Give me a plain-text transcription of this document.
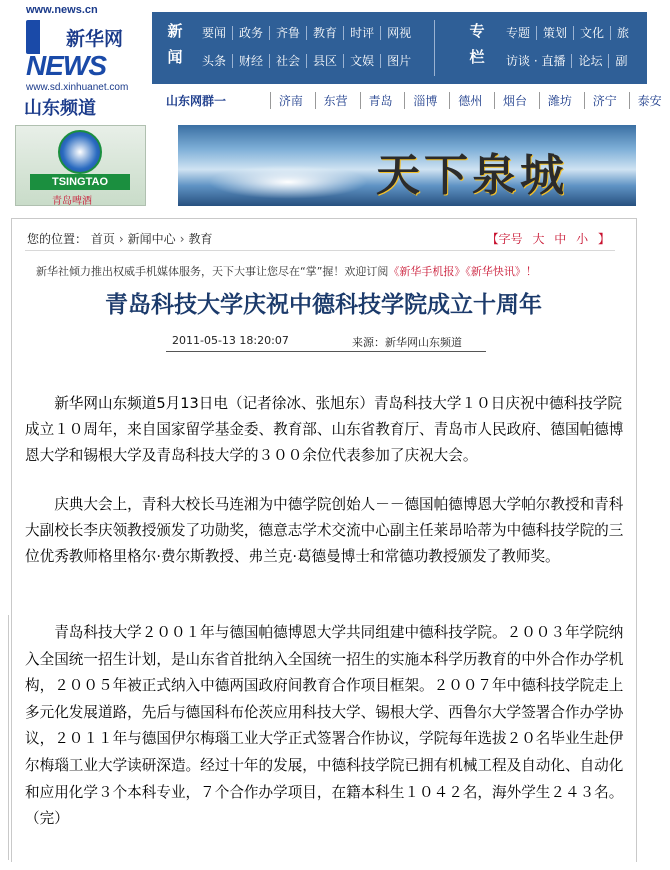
www.news.cn
新华网
NEWS
www.sd.xinhuanet.com
山东频道
新闻
要闻	政务	齐鲁	教育	时评	网视
头条	财经	社会	县区	文娱	图片
专栏
专题	策划	文化	旅
访谈 · 直播	论坛	副
山东网群一	济南 东营 青岛 淄博 德州 烟台 潍坊 济宁 泰安
TSINGTAO
青岛啤酒
天下泉城
您的位置： 首页 › 新闻中心 › 教育	【字号 大 中 小 】
新华社倾力推出权威手机媒体服务，天下大事让您尽在“掌”握！欢迎订阅《新华手机报》《新华快讯》！
青岛科技大学庆祝中德科技学院成立十周年
2011-05-13 18:20:07	来源：新华网山东频道

新华网山东频道5月13日电（记者徐冰、张旭东）青岛科技大学１０日庆祝中德科技学院成立１０周年，来自国家留学基金委、教育部、山东省教育厅、青岛市人民政府、德国帕德博恩大学和锡根大学及青岛科技大学的３００余位代表参加了庆祝大会。

庆典大会上，青科大校长马连湘为中德学院创始人－－德国帕德博恩大学帕尔教授和青科大副校长李庆领教授颁发了功勋奖，德意志学术交流中心副主任莱昂哈蒂为中德科技学院的三位优秀教师格里格尔·费尔斯教授、弗兰克·葛德曼博士和常德功教授颁发了教师奖。

青岛科技大学２００１年与德国帕德博恩大学共同组建中德科技学院。２００３年学院纳入全国统一招生计划，是山东省首批纳入全国统一招生的实施本科学历教育的中外合作办学机构，２００５年被正式纳入中德两国政府间教育合作项目框架。２００７年中德科技学院走上多元化发展道路，先后与德国科布伦茨应用科技大学、锡根大学、西鲁尔大学签署合作办学协议，２０１１年与德国伊尔梅瑙工业大学正式签署合作协议，学院每年选拔２０名毕业生赴伊尔梅瑙工业大学读研深造。经过十年的发展，中德科技学院已拥有机械工程及自动化、自动化和应用化学３个本科专业，７个合作办学项目，在籍本科生１０４２名，海外学生２４３名。（完）
